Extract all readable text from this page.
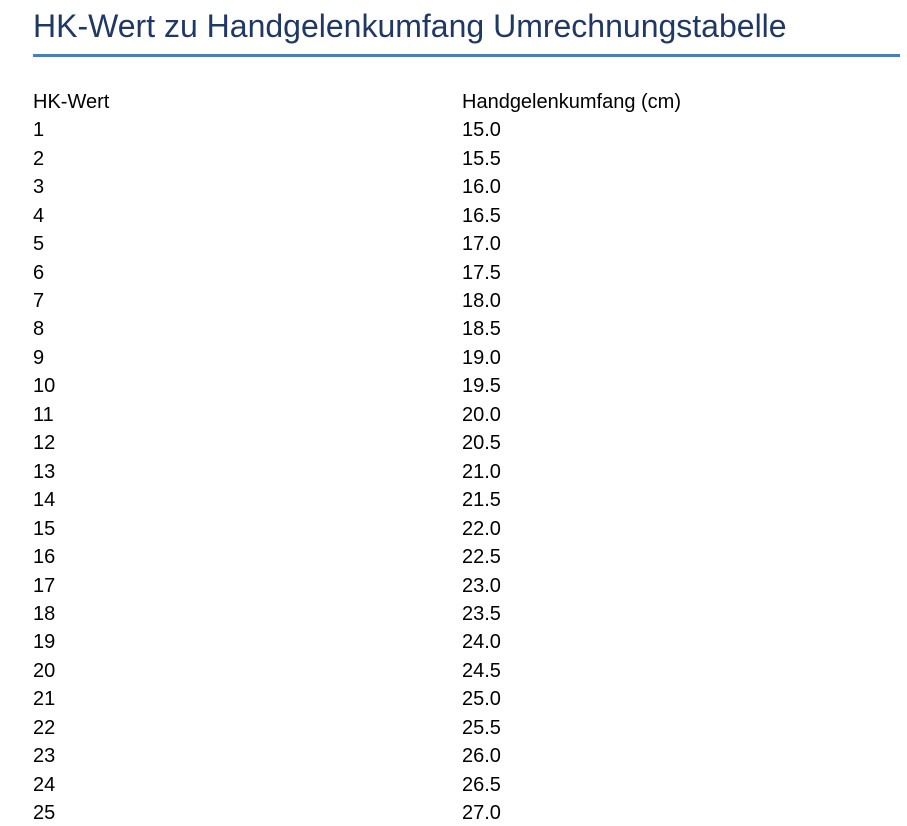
HK-Wert zu Handgelenkumfang Umrechnungstabelle
HK-Wert	Handgelenkumfang (cm)
1	15.0
2	15.5
3	16.0
4	16.5
5	17.0
6	17.5
7	18.0
8	18.5
9	19.0
10	19.5
11	20.0
12	20.5
13	21.0
14	21.5
15	22.0
16	22.5
17	23.0
18	23.5
19	24.0
20	24.5
21	25.0
22	25.5
23	26.0
24	26.5
25	27.0
